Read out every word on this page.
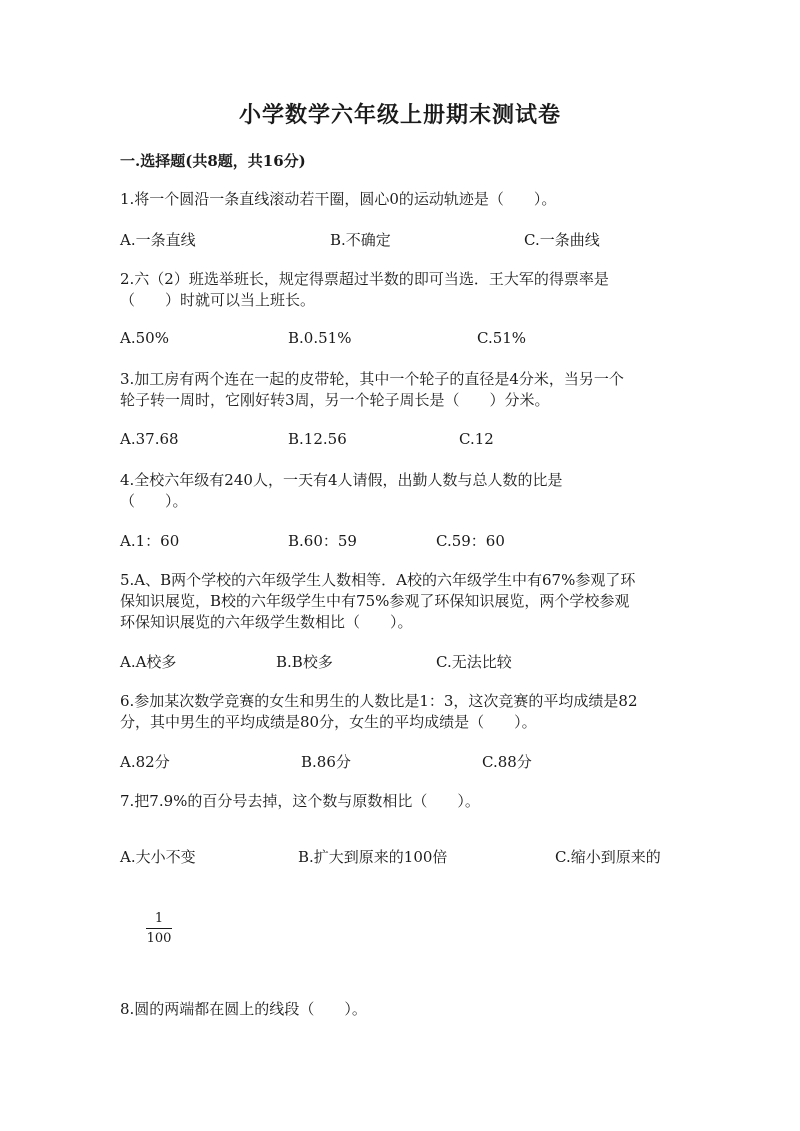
小学数学六年级上册期末测试卷
一.选择题(共8题，共16分)
1.将一个圆沿一条直线滚动若干圈，圆心0的运动轨迹是（　　）。
A.一条直线	B.不确定	C.一条曲线
2.六（2）班选举班长，规定得票超过半数的即可当选．王大军的得票率是
（　　）时就可以当上班长。
A.50%	B.0.51%	C.51%
3.加工房有两个连在一起的皮带轮，其中一个轮子的直径是4分米，当另一个
轮子转一周时，它刚好转3周，另一个轮子周长是（　　）分米。
A.37.68	B.12.56	C.12
4.全校六年级有240人，一天有4人请假，出勤人数与总人数的比是
（　　）。
A.1：60	B.60：59	C.59：60
5.A、B两个学校的六年级学生人数相等．A校的六年级学生中有67%参观了环
保知识展览，B校的六年级学生中有75%参观了环保知识展览，两个学校参观
环保知识展览的六年级学生数相比（　　）。
A.A校多	B.B校多	C.无法比较
6.参加某次数学竞赛的女生和男生的人数比是1：3，这次竞赛的平均成绩是82
分，其中男生的平均成绩是80分，女生的平均成绩是（　　）。
A.82分	B.86分	C.88分
7.把7.9%的百分号去掉，这个数与原数相比（　　）。
A.大小不变	B.扩大到原来的100倍	C.缩小到原来的
1
100
8.圆的两端都在圆上的线段（　　）。
